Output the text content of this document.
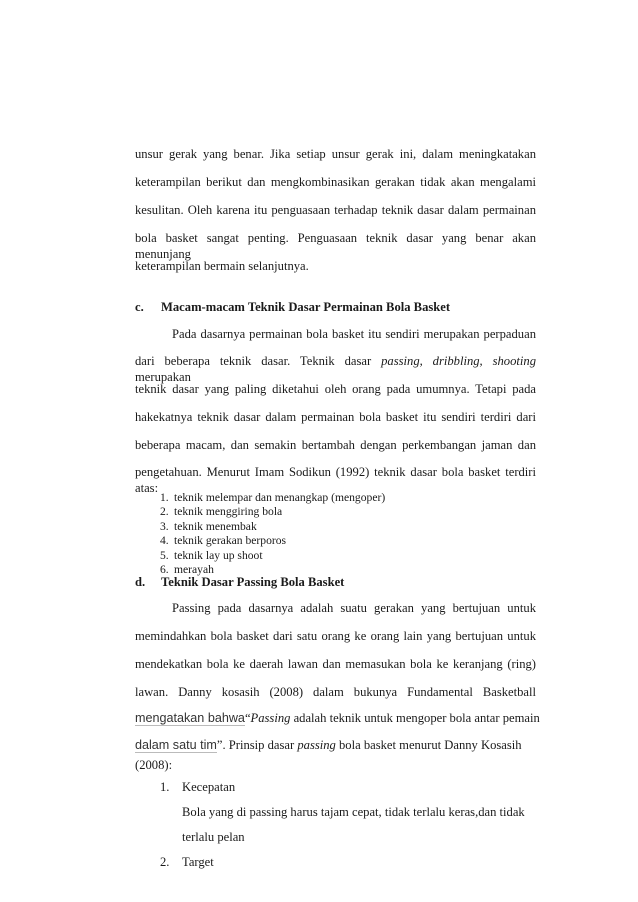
unsur gerak yang benar. Jika setiap unsur gerak ini, dalam meningkatakan
keterampilan berikut dan mengkombinasikan gerakan tidak akan mengalami
kesulitan. Oleh karena itu penguasaan terhadap teknik dasar dalam permainan
bola basket sangat penting. Penguasaan teknik dasar yang benar akan menunjang
keterampilan bermain selanjutnya.
c. Macam-macam Teknik Dasar Permainan Bola Basket
Pada dasarnya permainan bola basket itu sendiri merupakan perpaduan
dari beberapa teknik dasar. Teknik dasar passing, dribbling, shooting merupakan
teknik dasar yang paling diketahui oleh orang pada umumnya. Tetapi pada
hakekatnya teknik dasar dalam permainan bola basket itu sendiri terdiri dari
beberapa macam, dan semakin bertambah dengan perkembangan jaman dan
pengetahuan. Menurut Imam Sodikun (1992) teknik dasar bola basket terdiri atas:
1. teknik melempar dan menangkap (mengoper)
2. teknik menggiring bola
3. teknik menembak
4. teknik gerakan berporos
5. teknik lay up shoot
6. merayah
d. Teknik Dasar Passing Bola Basket
Passing pada dasarnya adalah suatu gerakan yang bertujuan untuk
memindahkan bola basket dari satu orang ke orang lain yang bertujuan untuk
mendekatkan bola ke daerah lawan dan memasukan bola ke keranjang (ring)
lawan. Danny kosasih (2008) dalam bukunya Fundamental Basketball
mengatakan bahwa“Passing adalah teknik untuk mengoper bola antar pemain
dalam satu tim”. Prinsip dasar passing bola basket menurut Danny Kosasih
(2008):
1. Kecepatan
Bola yang di passing harus tajam cepat, tidak terlalu keras,dan tidak
terlalu pelan
2. Target
